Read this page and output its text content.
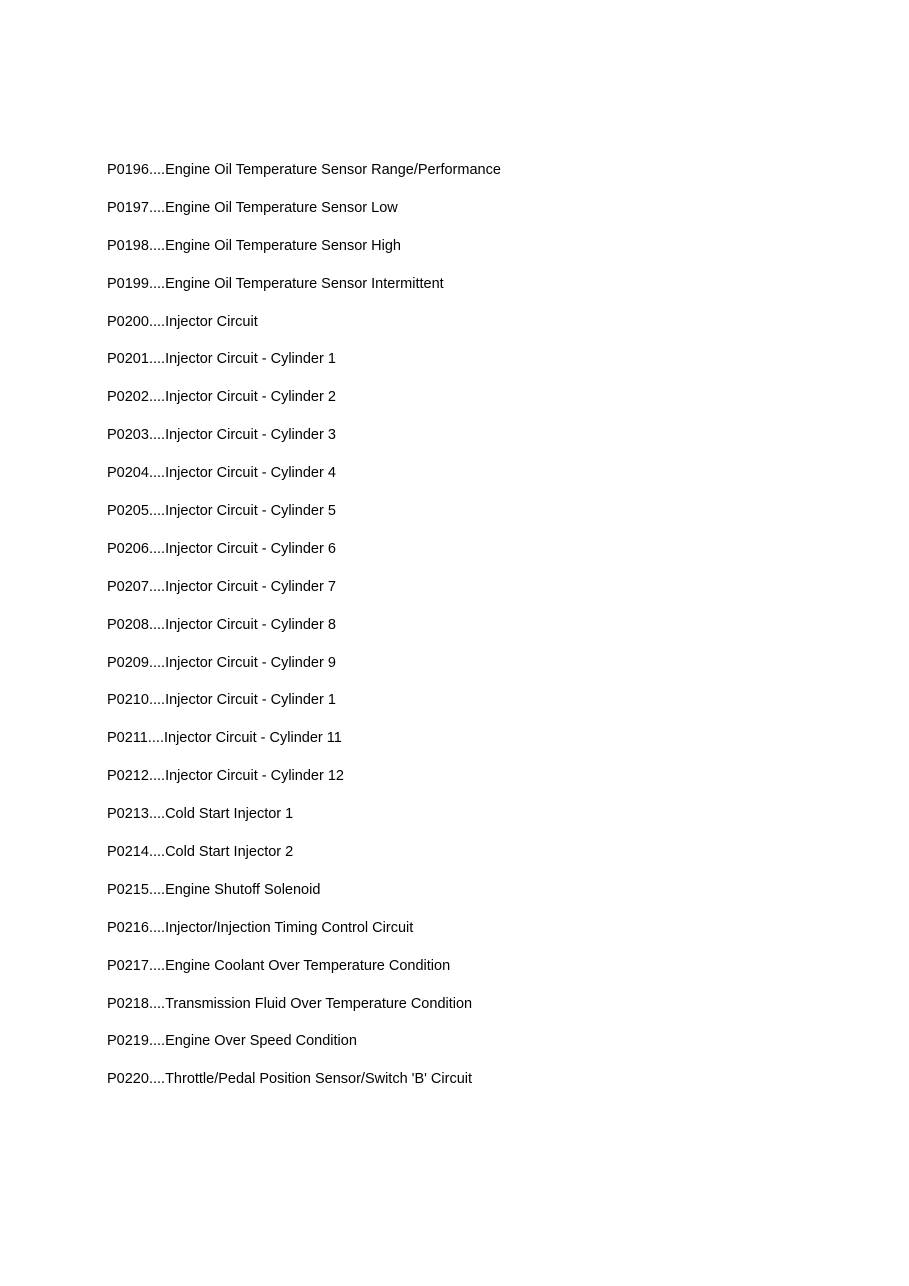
P0196....Engine Oil Temperature Sensor Range/Performance
P0197....Engine Oil Temperature Sensor Low
P0198....Engine Oil Temperature Sensor High
P0199....Engine Oil Temperature Sensor Intermittent
P0200....Injector Circuit
P0201....Injector Circuit - Cylinder 1
P0202....Injector Circuit - Cylinder 2
P0203....Injector Circuit - Cylinder 3
P0204....Injector Circuit - Cylinder 4
P0205....Injector Circuit - Cylinder 5
P0206....Injector Circuit - Cylinder 6
P0207....Injector Circuit - Cylinder 7
P0208....Injector Circuit - Cylinder 8
P0209....Injector Circuit - Cylinder 9
P0210....Injector Circuit - Cylinder 1
P0211....Injector Circuit - Cylinder 11
P0212....Injector Circuit - Cylinder 12
P0213....Cold Start Injector 1
P0214....Cold Start Injector 2
P0215....Engine Shutoff Solenoid
P0216....Injector/Injection Timing Control Circuit
P0217....Engine Coolant Over Temperature Condition
P0218....Transmission Fluid Over Temperature Condition
P0219....Engine Over Speed Condition
P0220....Throttle/Pedal Position Sensor/Switch 'B' Circuit
